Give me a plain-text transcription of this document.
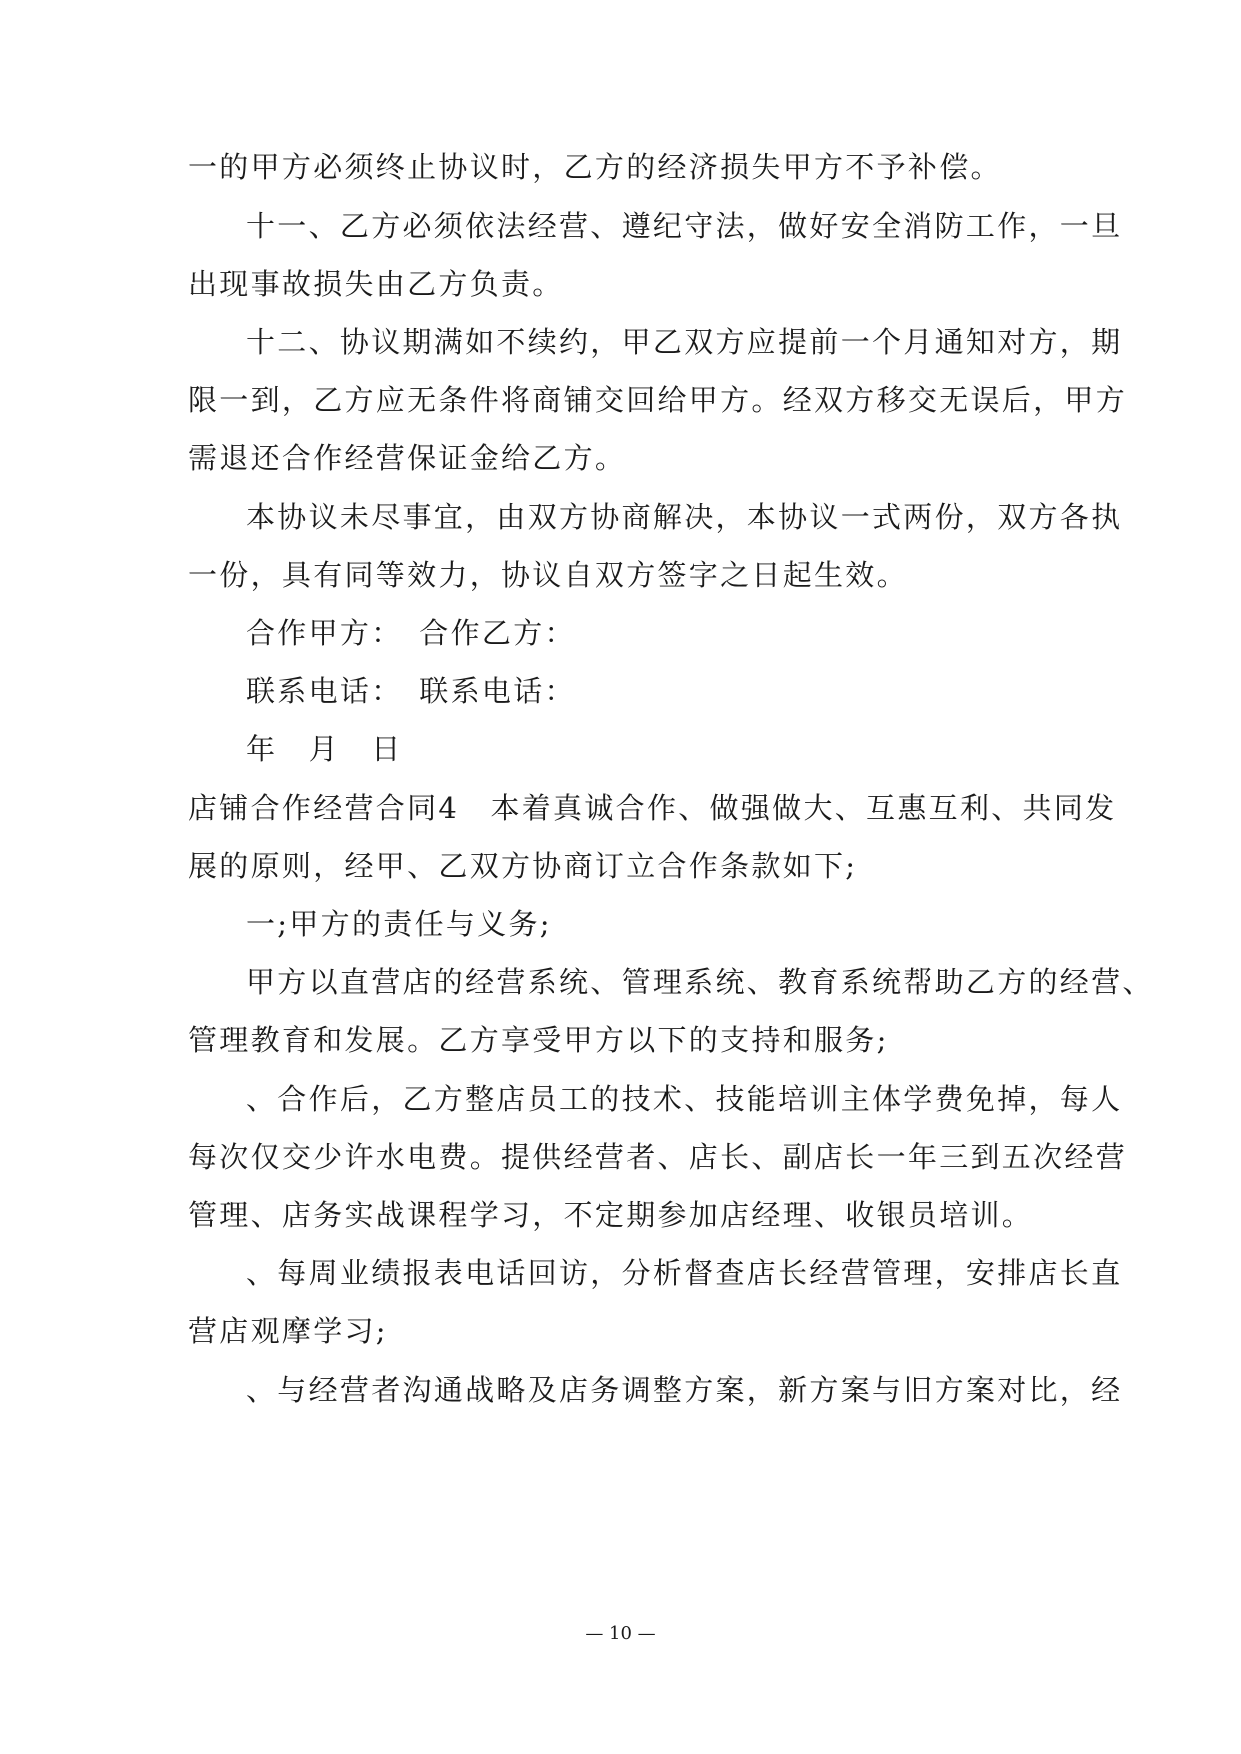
一的甲方必须终止协议时，乙方的经济损失甲方不予补偿。
十一、乙方必须依法经营、遵纪守法，做好安全消防工作，一旦
出现事故损失由乙方负责。
十二、协议期满如不续约，甲乙双方应提前一个月通知对方，期
限一到，乙方应无条件将商铺交回给甲方。经双方移交无误后，甲方
需退还合作经营保证金给乙方。
本协议未尽事宜，由双方协商解决，本协议一式两份，双方各执
一份，具有同等效力，协议自双方签字之日起生效。
合作甲方：　合作乙方：
联系电话：　联系电话：
年　月　日
店铺合作经营合同4　本着真诚合作、做强做大、互惠互利、共同发
展的原则，经甲、乙双方协商订立合作条款如下;
一;甲方的责任与义务;
甲方以直营店的经营系统、管理系统、教育系统帮助乙方的经营、
管理教育和发展。乙方享受甲方以下的支持和服务;
、合作后，乙方整店员工的技术、技能培训主体学费免掉，每人
每次仅交少许水电费。提供经营者、店长、副店长一年三到五次经营
管理、店务实战课程学习，不定期参加店经理、收银员培训。
、每周业绩报表电话回访，分析督查店长经营管理，安排店长直
营店观摩学习;
、与经营者沟通战略及店务调整方案，新方案与旧方案对比，经
— 10 —
